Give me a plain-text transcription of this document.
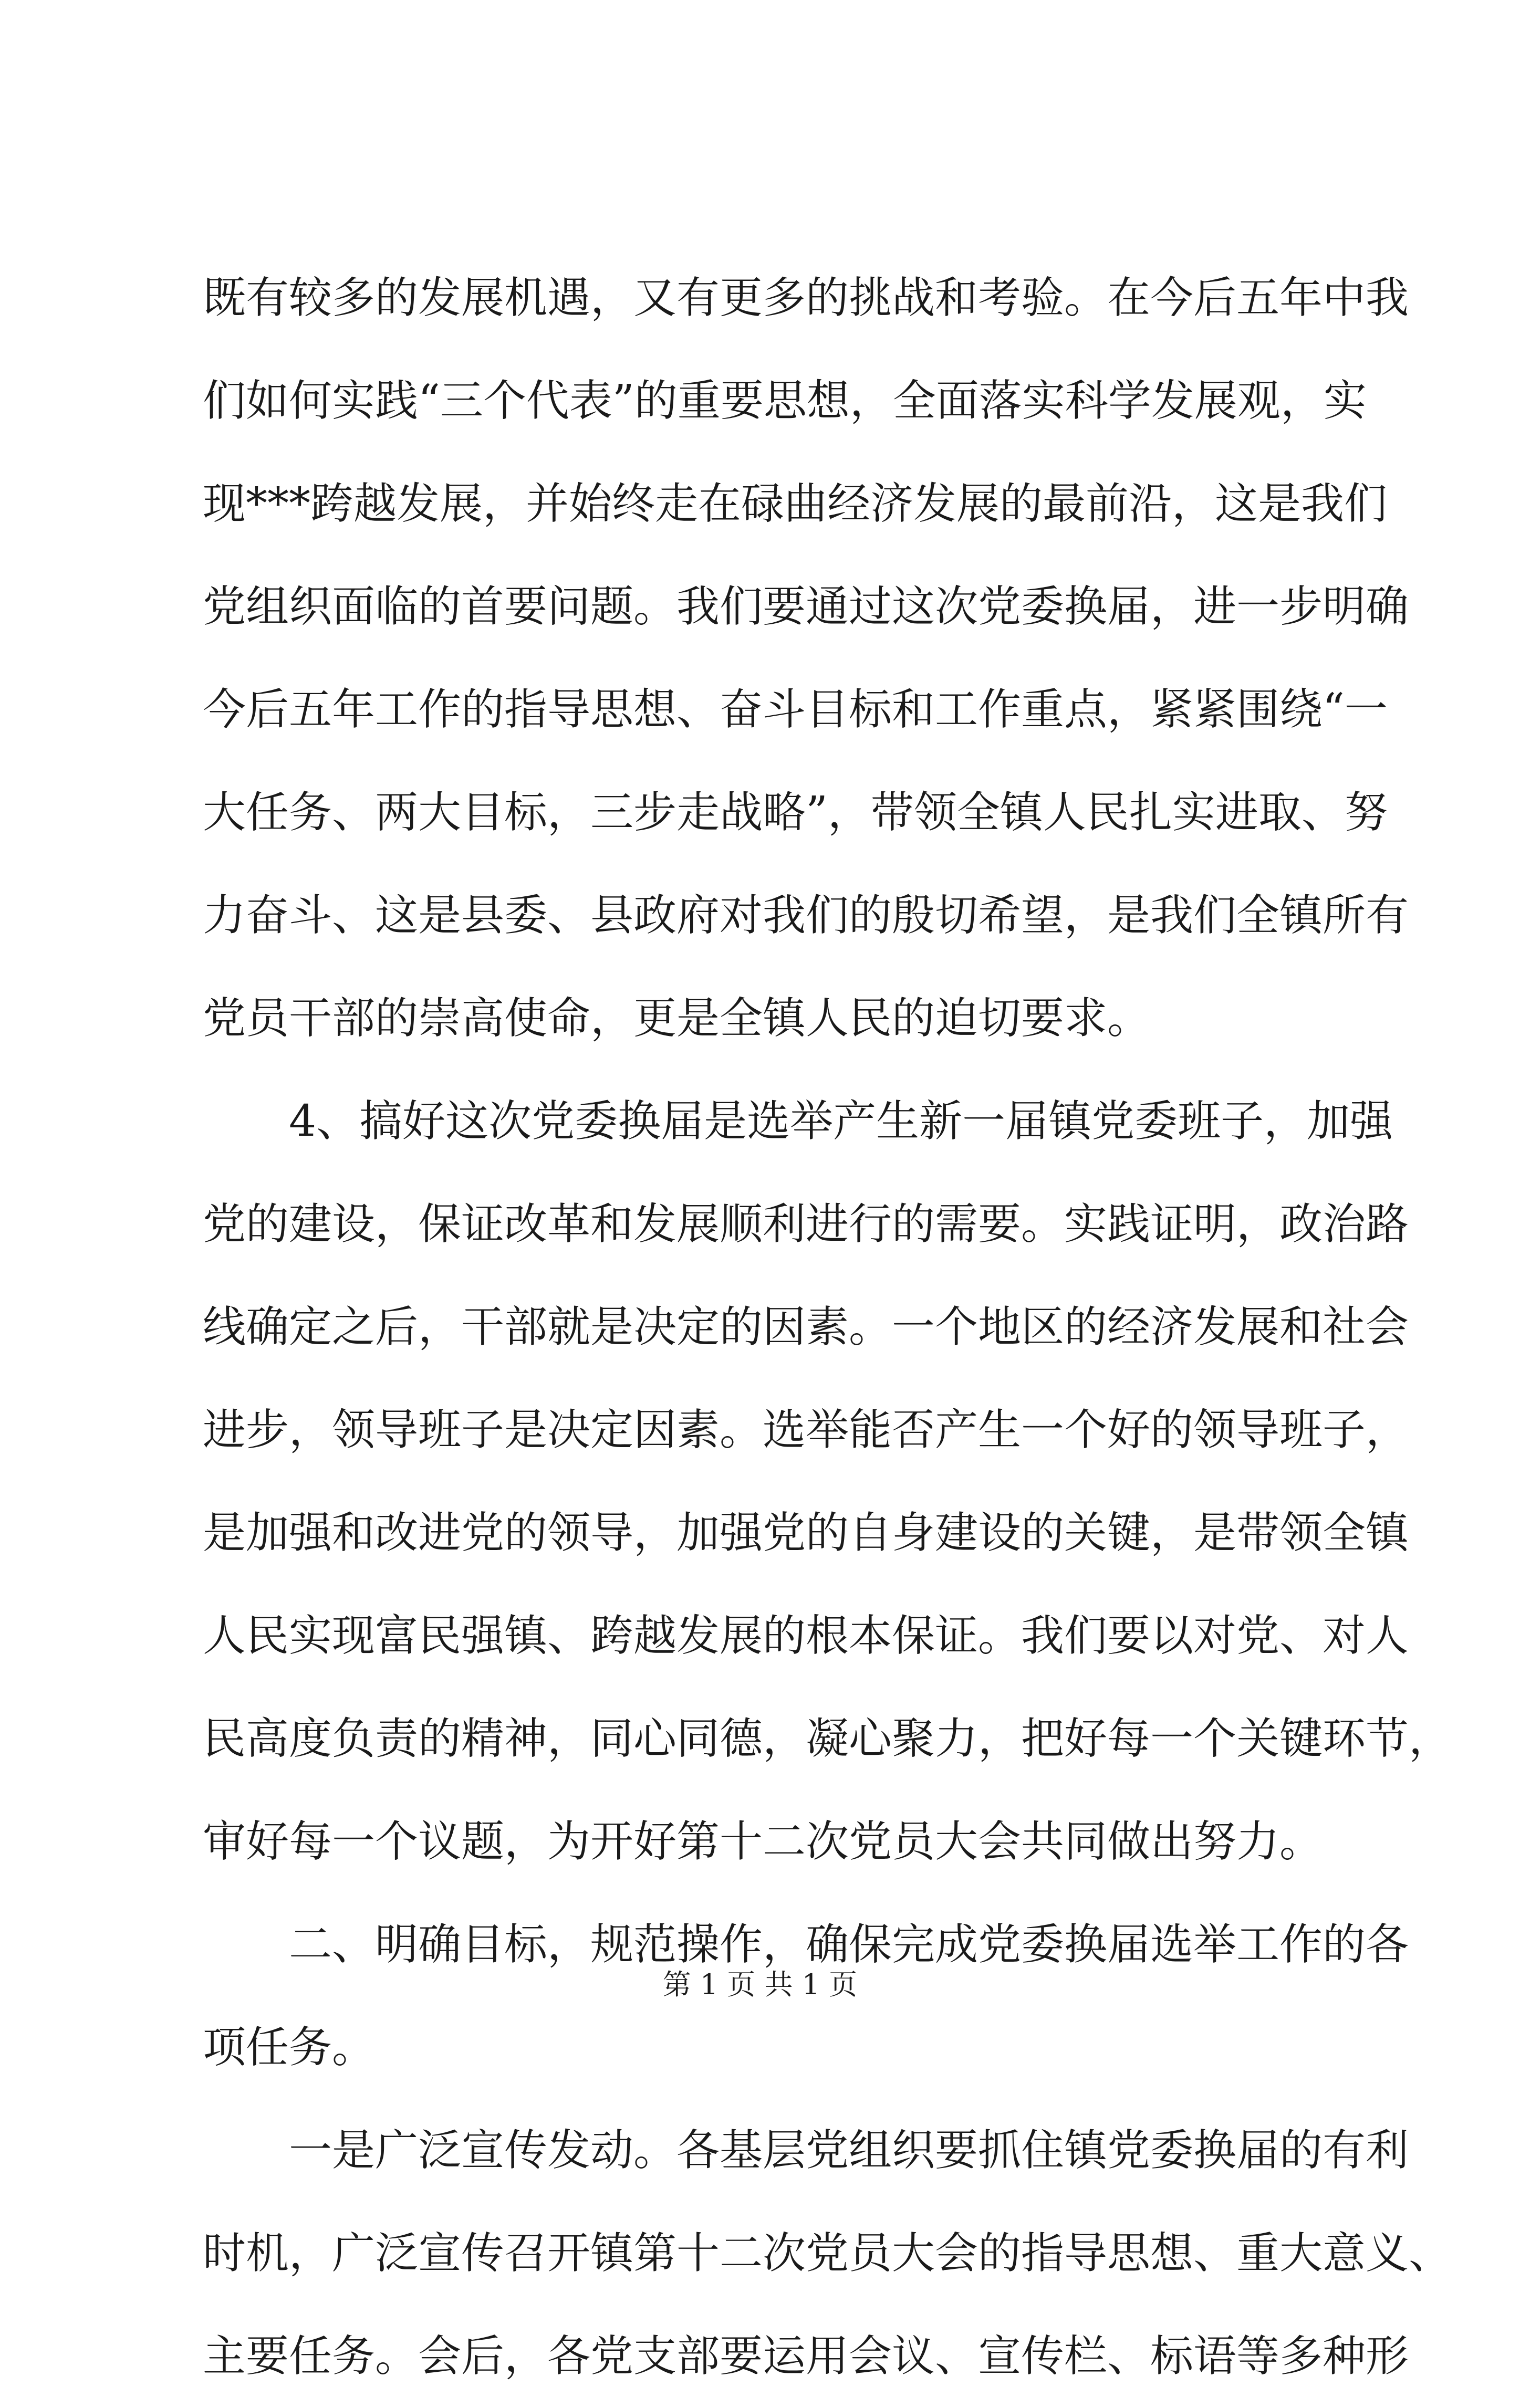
既有较多的发展机遇，又有更多的挑战和考验。在今后五年中我
们如何实践“三个代表”的重要思想，全面落实科学发展观，实
现***跨越发展，并始终走在碌曲经济发展的最前沿，这是我们
党组织面临的首要问题。我们要通过这次党委换届，进一步明确
今后五年工作的指导思想、奋斗目标和工作重点，紧紧围绕“一
大任务、两大目标，三步走战略”，带领全镇人民扎实进取、努
力奋斗、这是县委、县政府对我们的殷切希望，是我们全镇所有
党员干部的崇高使命，更是全镇人民的迫切要求。
4、搞好这次党委换届是选举产生新一届镇党委班子，加强
党的建设，保证改革和发展顺利进行的需要。实践证明，政治路
线确定之后，干部就是决定的因素。一个地区的经济发展和社会
进步，领导班子是决定因素。选举能否产生一个好的领导班子，
是加强和改进党的领导，加强党的自身建设的关键，是带领全镇
人民实现富民强镇、跨越发展的根本保证。我们要以对党、对人
民高度负责的精神，同心同德，凝心聚力，把好每一个关键环节，
审好每一个议题，为开好第十二次党员大会共同做出努力。
二、明确目标，规范操作，确保完成党委换届选举工作的各
项任务。
一是广泛宣传发动。各基层党组织要抓住镇党委换届的有利
时机，广泛宣传召开镇第十二次党员大会的指导思想、重大意义、
主要任务。会后，各党支部要运用会议、宣传栏、标语等多种形
第 1 页 共 1 页
